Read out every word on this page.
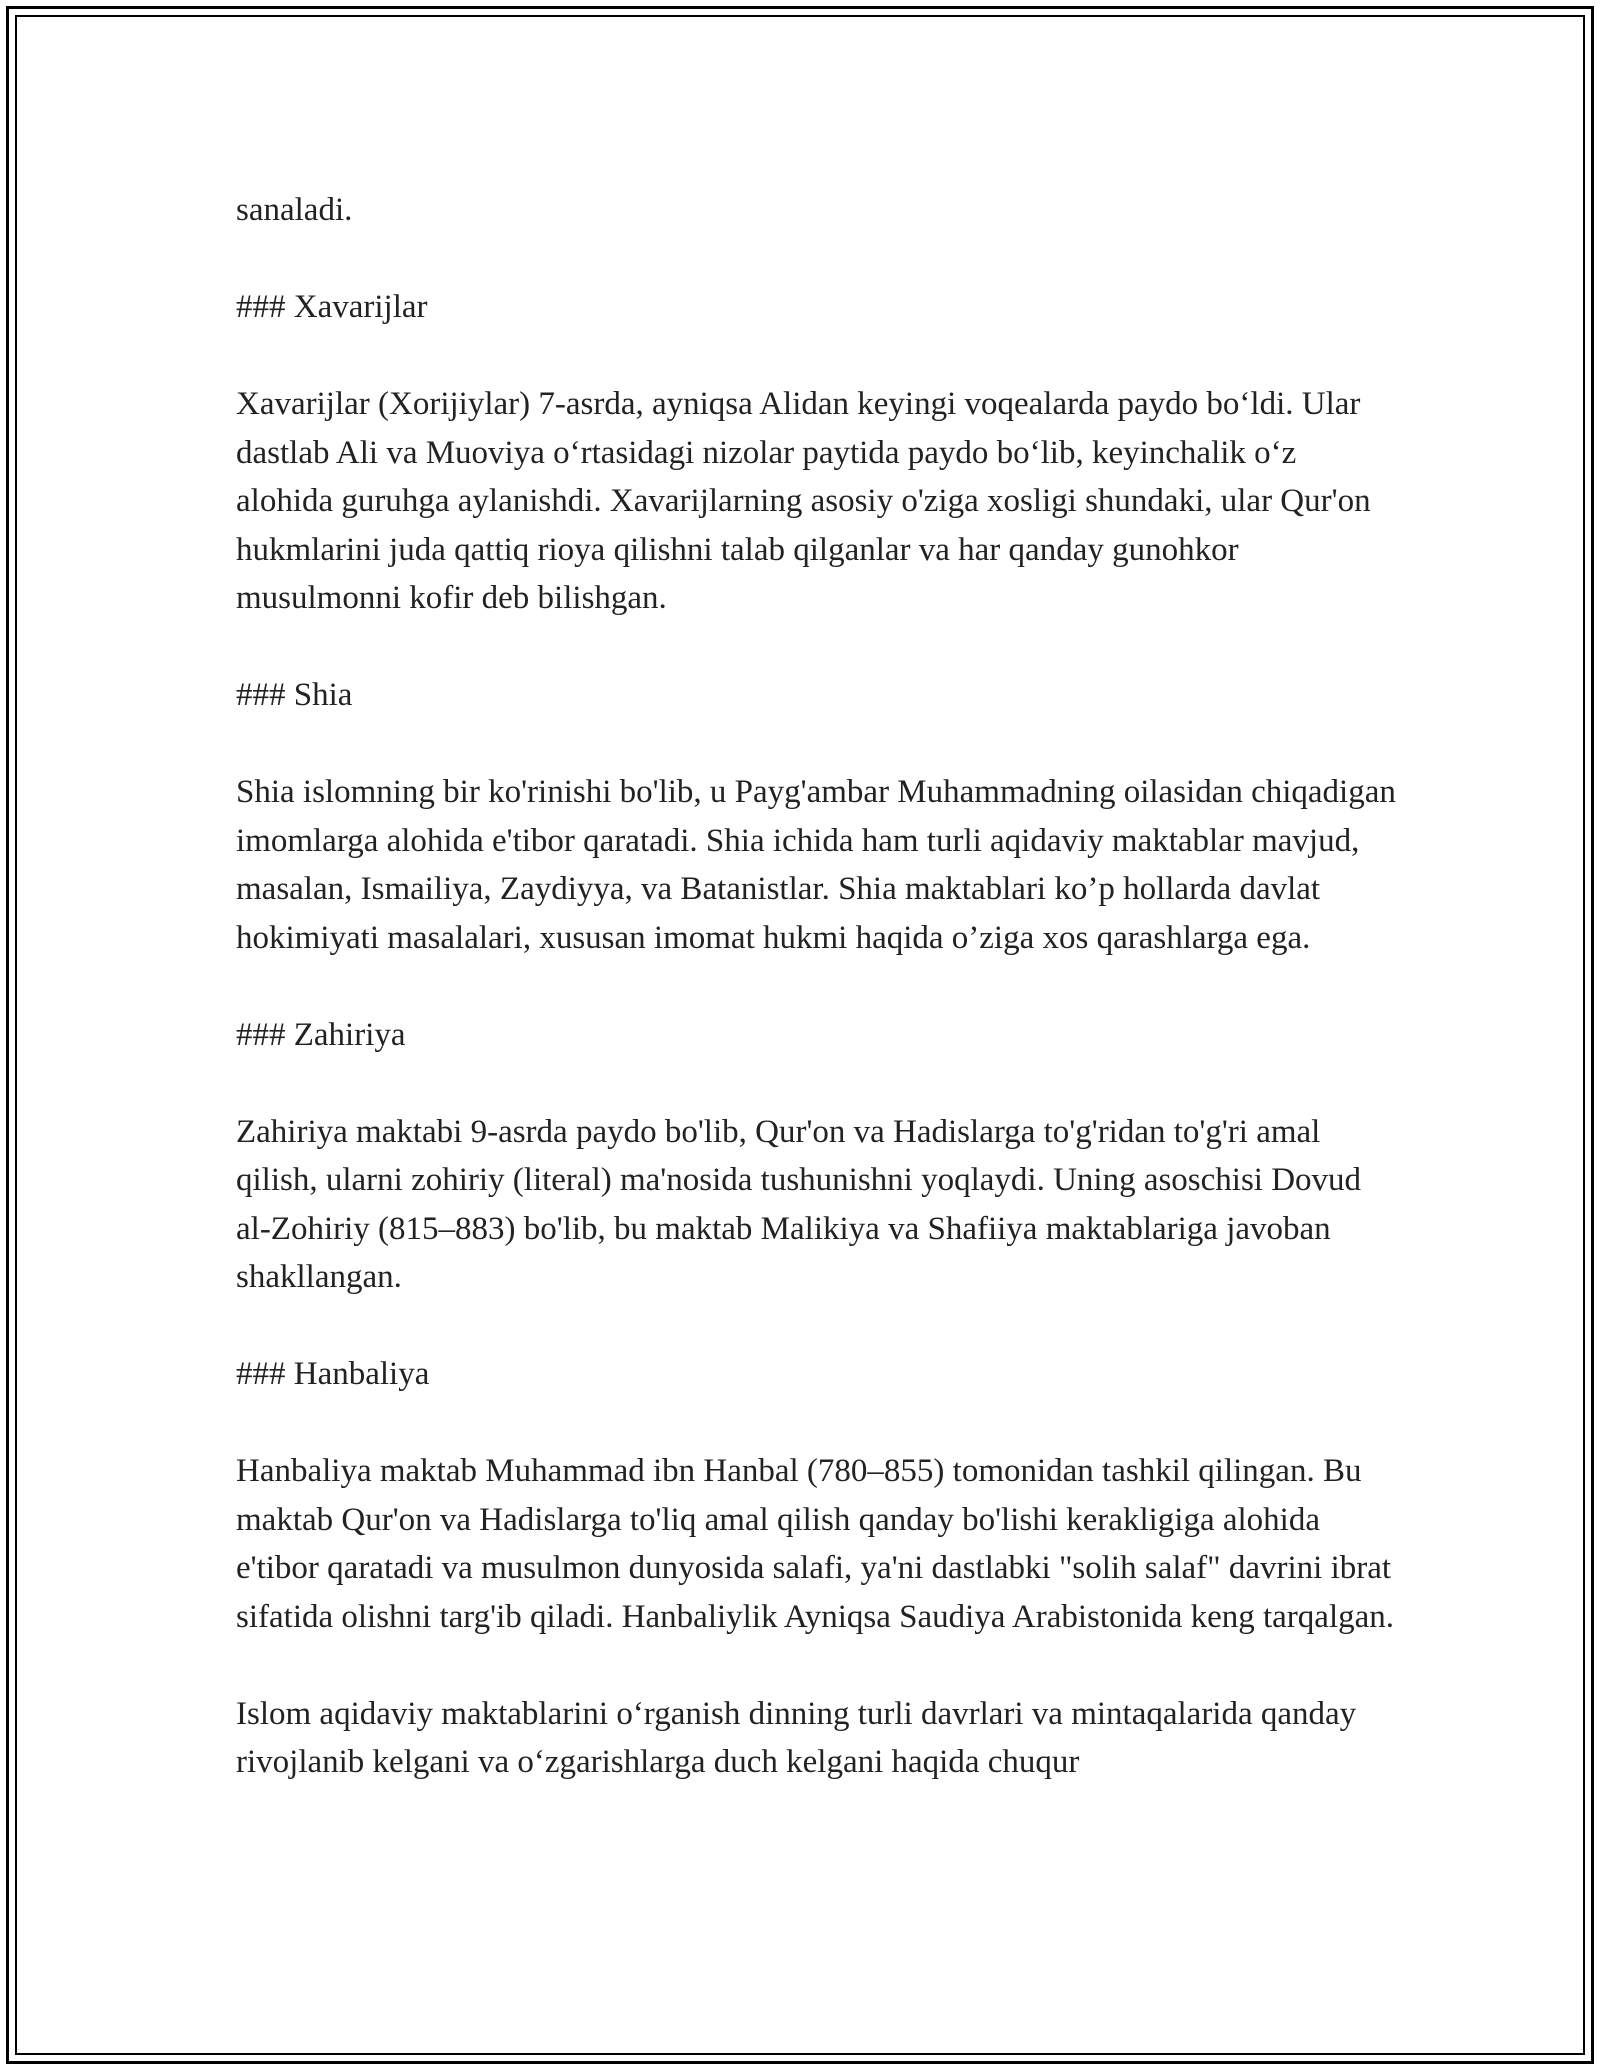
sanaladi.

### Xavarijlar

Xavarijlar (Xorijiylar) 7-asrda, ayniqsa Alidan keyingi voqealarda paydo boʻldi. Ular dastlab Ali va Muoviya oʻrtasidagi nizolar paytida paydo boʻlib, keyinchalik oʻz alohida guruhga aylanishdi. Xavarijlarning asosiy o'ziga xosligi shundaki, ular Qur'on hukmlarini juda qattiq rioya qilishni talab qilganlar va har qanday gunohkor musulmonni kofir deb bilishgan.

### Shia

Shia islomning bir ko'rinishi bo'lib, u Payg'ambar Muhammadning oilasidan chiqadigan imomlarga alohida e'tibor qaratadi. Shia ichida ham turli aqidaviy maktablar mavjud, masalan, Ismailiya, Zaydiyya, va Batanistlar. Shia maktablari ko’p hollarda davlat hokimiyati masalalari, xususan imomat hukmi haqida o’ziga xos qarashlarga ega.

### Zahiriya

Zahiriya maktabi 9-asrda paydo bo'lib, Qur'on va Hadislarga to'g'ridan to'g'ri amal qilish, ularni zohiriy (literal) ma'nosida tushunishni yoqlaydi. Uning asoschisi Dovud al-Zohiriy (815–883) bo'lib, bu maktab Malikiya va Shafiiya maktablariga javoban shakllangan.

### Hanbaliya

Hanbaliya maktab Muhammad ibn Hanbal (780–855) tomonidan tashkil qilingan. Bu maktab Qur'on va Hadislarga to'liq amal qilish qanday bo'lishi kerakligiga alohida e'tibor qaratadi va musulmon dunyosida salafi, ya'ni dastlabki "solih salaf" davrini ibrat sifatida olishni targ'ib qiladi. Hanbaliylik Ayniqsa Saudiya Arabistonida keng tarqalgan.

Islom aqidaviy maktablarini oʻrganish dinning turli davrlari va mintaqalarida qanday rivojlanib kelgani va oʻzgarishlarga duch kelgani haqida chuqur
